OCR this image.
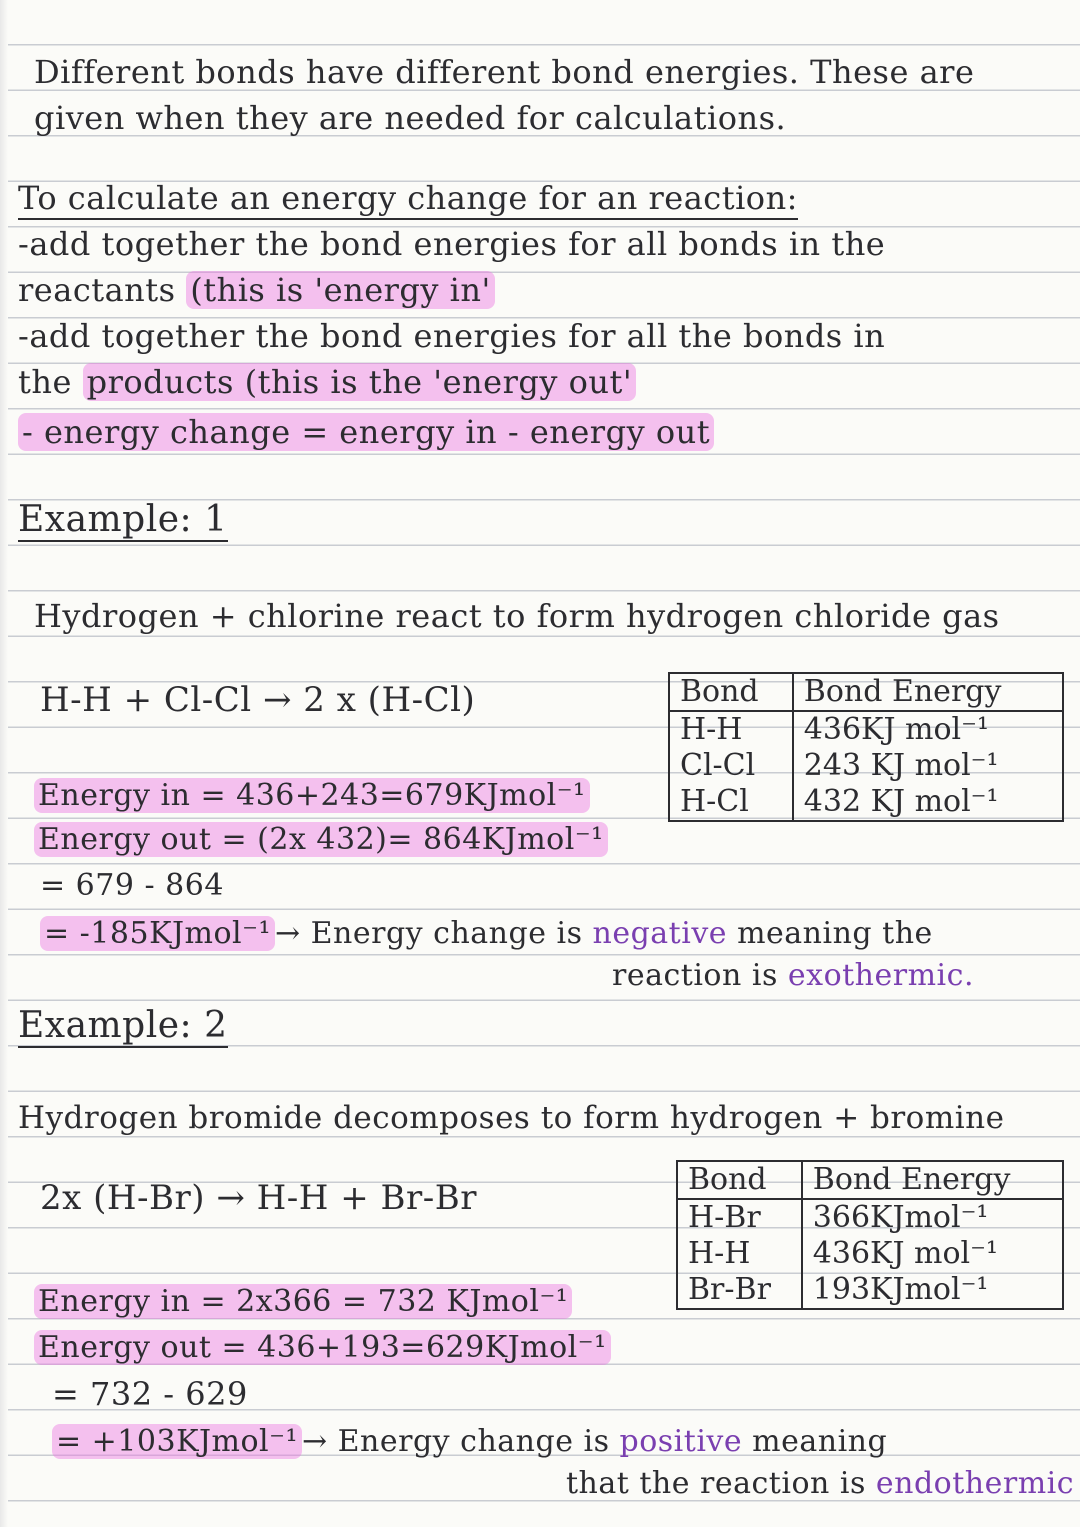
Different bonds have different bond energies. These are
given when they are needed for calculations.
To calculate an energy change for an reaction:
-add together the bond energies for all bonds in the
reactants (this is 'energy in'
-add together the bond energies for all the bonds in
the products (this is the 'energy out'
- energy change = energy in - energy out
Example: 1
Hydrogen + chlorine react to form hydrogen chloride gas
H-H + Cl-Cl → 2 x (H-Cl)	Bond	Bond Energy
H-H	436KJ mol⁻¹
Cl-Cl	243 KJ mol⁻¹
H-Cl	432 KJ mol⁻¹
Energy in = 436+243=679KJmol⁻¹
Energy out = (2x 432)= 864KJmol⁻¹
= 679 - 864
= -185KJmol⁻¹ → Energy change is negative meaning the
reaction is exothermic.
Example: 2
Hydrogen bromide decomposes to form hydrogen + bromine
2x (H-Br) → H-H + Br-Br	Bond	Bond Energy
H-Br	366KJmol⁻¹
H-H	436KJ mol⁻¹
Br-Br	193KJmol⁻¹
Energy in = 2x366 = 732 KJmol⁻¹
Energy out = 436+193=629KJmol⁻¹
= 732 - 629
= +103KJmol⁻¹ → Energy change is positive meaning
that the reaction is endothermic
